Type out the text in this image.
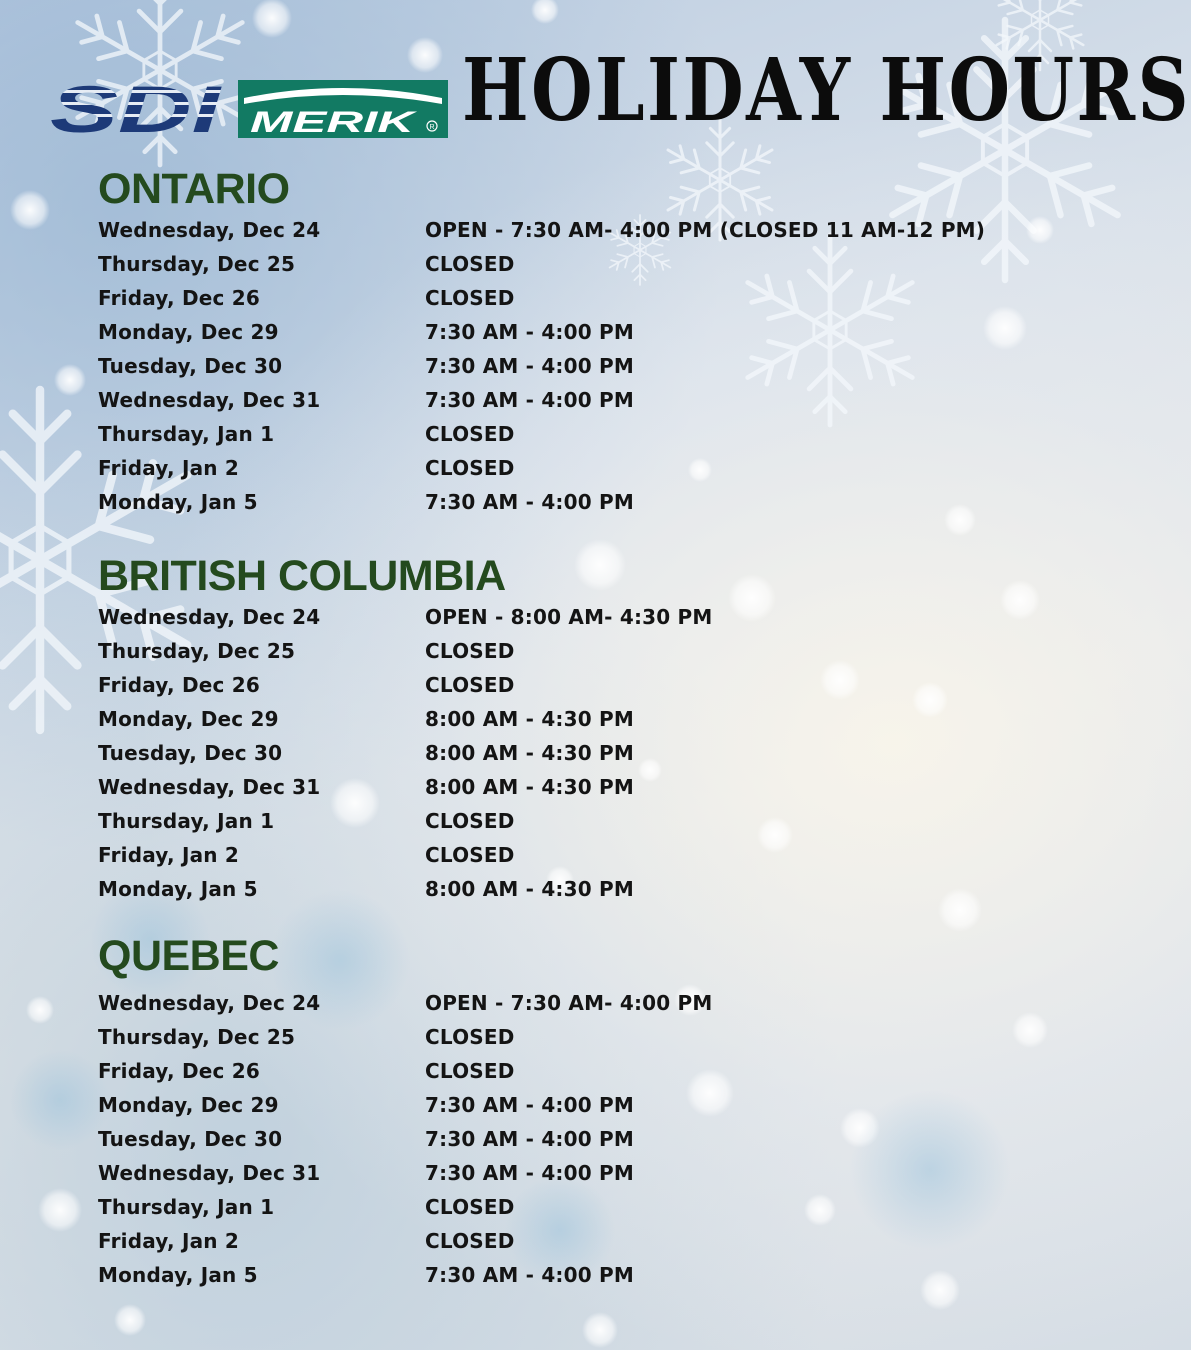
MERIK R HOLIDAY HOURS
ONTARIO
Wednesday, Dec 24	OPEN - 7:30 AM- 4:00 PM (CLOSED 11 AM-12 PM)
Thursday, Dec 25	CLOSED
Friday, Dec 26	CLOSED
Monday, Dec 29	7:30 AM - 4:00 PM
Tuesday, Dec 30	7:30 AM - 4:00 PM
Wednesday, Dec 31	7:30 AM - 4:00 PM
Thursday, Jan 1	CLOSED
Friday, Jan 2	CLOSED
Monday, Jan 5	7:30 AM - 4:00 PM
BRITISH COLUMBIA
Wednesday, Dec 24	OPEN - 8:00 AM- 4:30 PM
Thursday, Dec 25	CLOSED
Friday, Dec 26	CLOSED
Monday, Dec 29	8:00 AM - 4:30 PM
Tuesday, Dec 30	8:00 AM - 4:30 PM
Wednesday, Dec 31	8:00 AM - 4:30 PM
Thursday, Jan 1	CLOSED
Friday, Jan 2	CLOSED
Monday, Jan 5	8:00 AM - 4:30 PM
QUEBEC
Wednesday, Dec 24	OPEN - 7:30 AM- 4:00 PM
Thursday, Dec 25	CLOSED
Friday, Dec 26	CLOSED
Monday, Dec 29	7:30 AM - 4:00 PM
Tuesday, Dec 30	7:30 AM - 4:00 PM
Wednesday, Dec 31	7:30 AM - 4:00 PM
Thursday, Jan 1	CLOSED
Friday, Jan 2	CLOSED
Monday, Jan 5	7:30 AM - 4:00 PM
